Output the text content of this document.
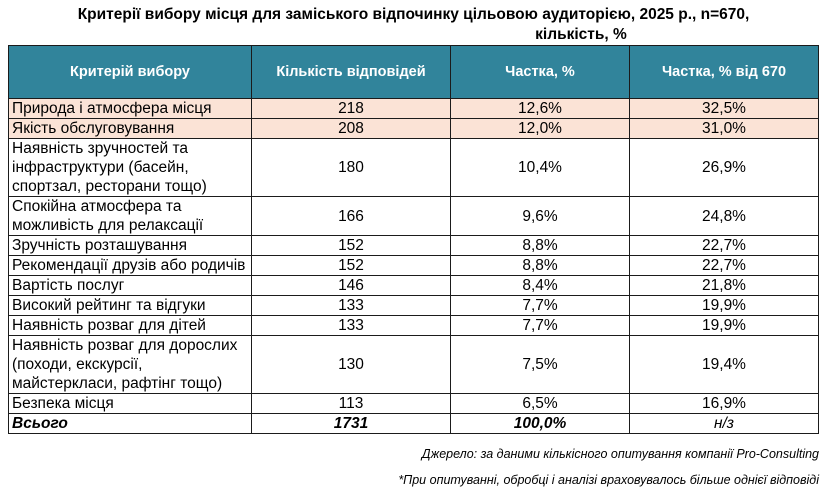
Критерії вибору місця для заміського відпочинку цільовою аудиторією, 2025 р., n=670,
кількість, %
Критерій вибору	Кількість відповідей	Частка, %	Частка, % від 670
Природа і атмосфера місця	218	12,6%	32,5%
Якість обслуговування	208	12,0%	31,0%
Наявність зручностей та інфраструктури (басейн, спортзал, ресторани тощо)	180	10,4%	26,9%
Спокійна атмосфера та можливість для релаксації	166	9,6%	24,8%
Зручність розташування	152	8,8%	22,7%
Рекомендації друзів або родичів	152	8,8%	22,7%
Вартість послуг	146	8,4%	21,8%
Високий рейтинг та відгуки	133	7,7%	19,9%
Наявність розваг для дітей	133	7,7%	19,9%
Наявність розваг для дорослих (походи, екскурсії, майстеркласи, рафтінг тощо)	130	7,5%	19,4%
Безпека місця	113	6,5%	16,9%
Всього	1731	100,0%	н/з
Джерело: за даними кількісного опитування компанії Pro-Consulting
*При опитуванні, обробці і аналізі враховувалось більше однієї відповіді
